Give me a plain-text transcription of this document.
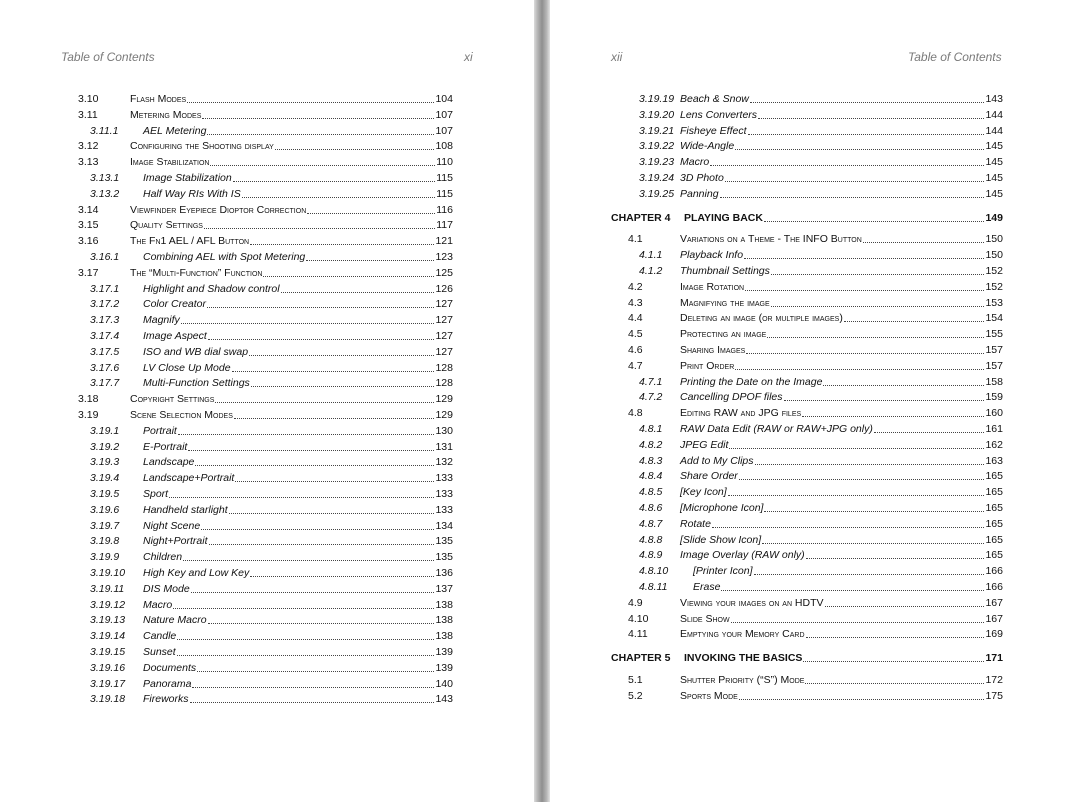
Table of Contents	xi
3.10	Flash Modes	104
3.11	Metering Modes	107
3.11.1	AEL Metering	107
3.12	Configuring the Shooting display	108
3.13	Image Stabilization	110
3.13.1	Image Stabilization	115
3.13.2	Half Way RIs With IS	115
3.14	Viewfinder Eyepiece Dioptor Correction	116
3.15	Quality Settings	117
3.16	The Fn1 AEL / AFL Button	121
3.16.1	Combining AEL with Spot Metering	123
3.17	The “Multi-Function” Function	125
3.17.1	Highlight and Shadow control	126
3.17.2	Color Creator	127
3.17.3	Magnify	127
3.17.4	Image Aspect	127
3.17.5	ISO and WB dial swap	127
3.17.6	LV Close Up Mode	128
3.17.7	Multi-Function Settings	128
3.18	Copyright Settings	129
3.19	Scene Selection Modes	129
3.19.1	Portrait	130
3.19.2	E-Portrait	131
3.19.3	Landscape	132
3.19.4	Landscape+Portrait	133
3.19.5	Sport	133
3.19.6	Handheld starlight	133
3.19.7	Night Scene	134
3.19.8	Night+Portrait	135
3.19.9	Children	135
3.19.10	High Key and Low Key	136
3.19.11	DIS Mode	137
3.19.12	Macro	138
3.19.13	Nature Macro	138
3.19.14	Candle	138
3.19.15	Sunset	139
3.19.16	Documents	139
3.19.17	Panorama	140
3.19.18	Fireworks	143
xii	Table of Contents
3.19.19 Beach & Snow	143
3.19.20 Lens Converters	144
3.19.21 Fisheye Effect	144
3.19.22 Wide-Angle	145
3.19.23 Macro	145
3.19.24 3D Photo	145
3.19.25 Panning	145
CHAPTER 4	PLAYING BACK	149
4.1	Variations on a Theme - The INFO Button	150
4.1.1	Playback Info	150
4.1.2	Thumbnail Settings	152
4.2	Image Rotation	152
4.3	Magnifying the image	153
4.4	Deleting an image (or multiple images)	154
4.5	Protecting an image	155
4.6	Sharing Images	157
4.7	Print Order	157
4.7.1	Printing the Date on the Image	158
4.7.2	Cancelling DPOF files	159
4.8	Editing RAW and JPG files	160
4.8.1	RAW Data Edit (RAW or RAW+JPG only)	161
4.8.2	JPEG Edit	162
4.8.3	Add to My Clips	163
4.8.4	Share Order	165
4.8.5	[Key Icon]	165
4.8.6	[Microphone Icon]	165
4.8.7	Rotate	165
4.8.8	[Slide Show Icon]	165
4.8.9	Image Overlay (RAW only)	165
4.8.10	[Printer Icon]	166
4.8.11	Erase	166
4.9	Viewing your images on an HDTV	167
4.10	Slide Show	167
4.11	Emptying your Memory Card	169
CHAPTER 5	INVOKING THE BASICS	171
5.1	Shutter Priority (“S”) Mode	172
5.2	Sports Mode	175
